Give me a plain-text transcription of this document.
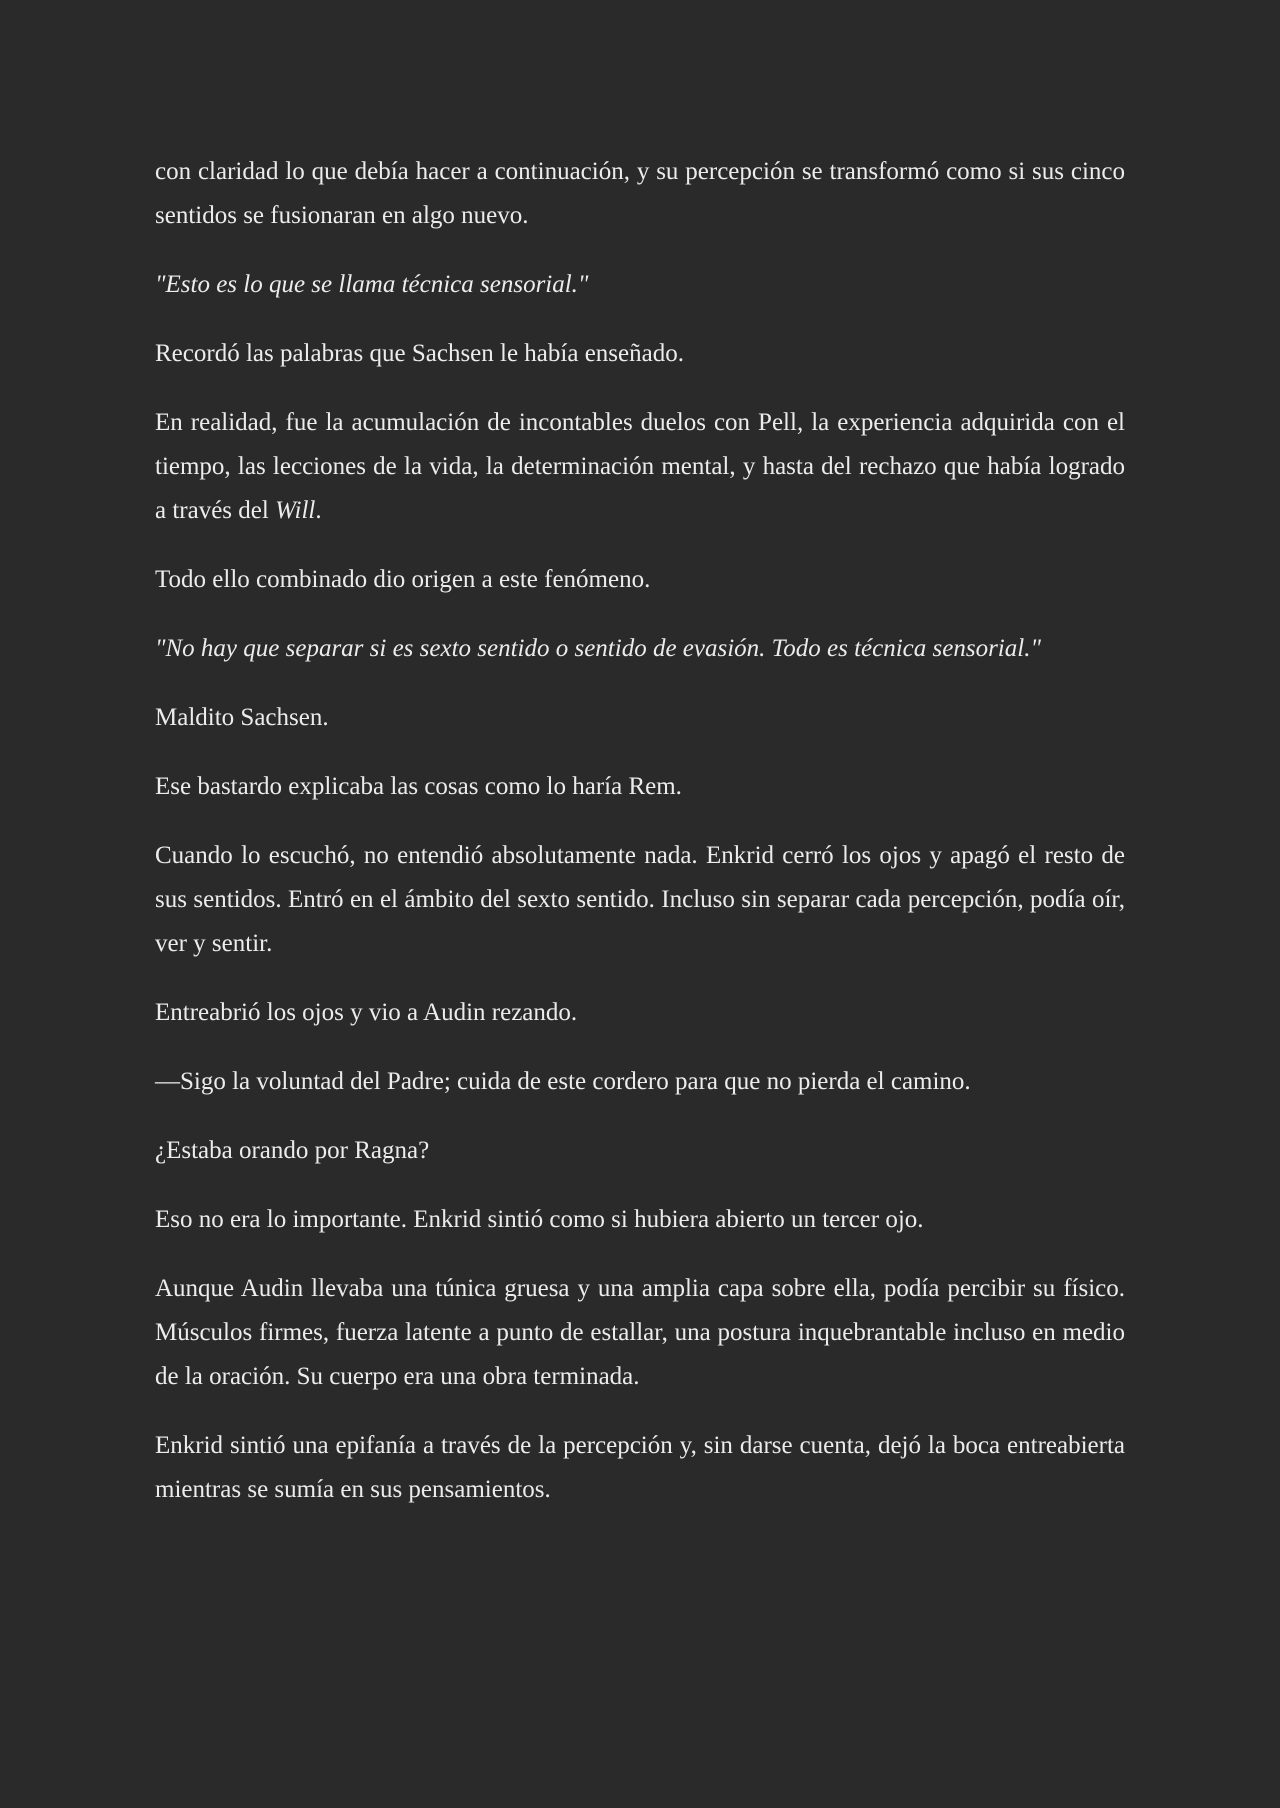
con claridad lo que debía hacer a continuación, y su percepción se transformó como si sus cinco sentidos se fusionaran en algo nuevo.

"Esto es lo que se llama técnica sensorial."

Recordó las palabras que Sachsen le había enseñado.

En realidad, fue la acumulación de incontables duelos con Pell, la experiencia adquirida con el tiempo, las lecciones de la vida, la determinación mental, y hasta del rechazo que había logrado a través del Will.

Todo ello combinado dio origen a este fenómeno.

"No hay que separar si es sexto sentido o sentido de evasión. Todo es técnica sensorial."

Maldito Sachsen.

Ese bastardo explicaba las cosas como lo haría Rem.

Cuando lo escuchó, no entendió absolutamente nada. Enkrid cerró los ojos y apagó el resto de sus sentidos. Entró en el ámbito del sexto sentido. Incluso sin separar cada percepción, podía oír, ver y sentir.

Entreabrió los ojos y vio a Audin rezando.

—Sigo la voluntad del Padre; cuida de este cordero para que no pierda el camino.

¿Estaba orando por Ragna?

Eso no era lo importante. Enkrid sintió como si hubiera abierto un tercer ojo.

Aunque Audin llevaba una túnica gruesa y una amplia capa sobre ella, podía percibir su físico. Músculos firmes, fuerza latente a punto de estallar, una postura inquebrantable incluso en medio de la oración. Su cuerpo era una obra terminada.

Enkrid sintió una epifanía a través de la percepción y, sin darse cuenta, dejó la boca entreabierta mientras se sumía en sus pensamientos.
